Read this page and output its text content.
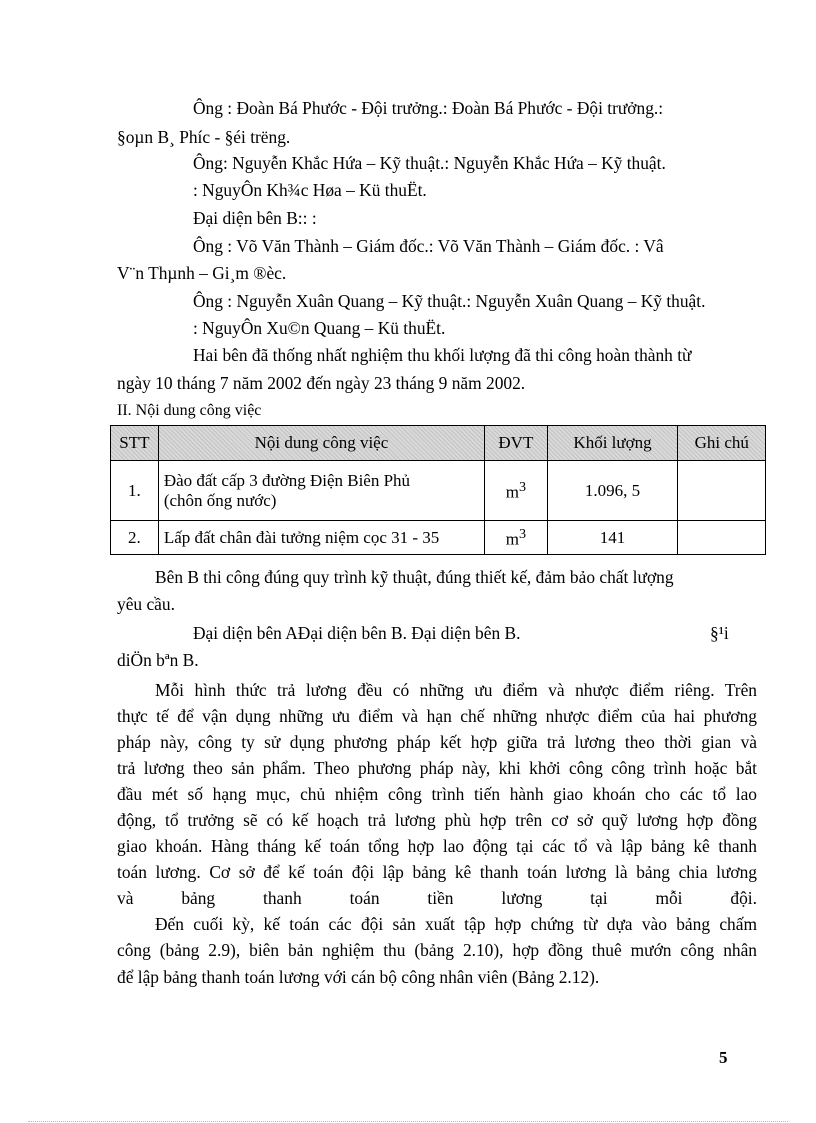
Ông : Đoàn Bá Phước - Đội trưởng.: Đoàn Bá Phước - Đội trưởng.:
§oµn B¸ Phíc - §éi trëng.
Ông: Nguyễn Khắc Hứa – Kỹ thuật.: Nguyễn Khắc Hứa – Kỹ thuật.
: NguyÔn Kh¾c Høa – Kü thuËt.
Đại diện bên B:: :
Ông : Võ Văn Thành – Giám đốc.: Võ Văn Thành – Giám đốc. : Vâ
V¨n Thµnh – Gi¸m ®èc.
Ông : Nguyễn Xuân Quang – Kỹ thuật.: Nguyễn Xuân Quang – Kỹ thuật.
: NguyÔn Xu©n Quang – Kü thuËt.
Hai bên đã thống nhất nghiệm thu khối lượng đã thi công hoàn thành từ
ngày 10 tháng 7 năm 2002 đến ngày 23 tháng 9 năm 2002.
II. Nội dung công việc
STT	Nội dung công việc	ĐVT	Khối lượng	Ghi chú
1.	Đào đất cấp 3 đường Điện Biên Phủ
(chôn ống nước)	$m^3$	1.096, 5	
2.	Lấp đất chân đài tưởng niệm cọc 31 - 35	$m^3$	141	
Bên B thi công đúng quy trình kỹ thuật, đúng thiết kế, đảm bảo chất lượng
yêu cầu.
Đại diện bên AĐại diện bên B. Đại diện bên B.	§¹i
diÖn bªn B.
Mỗi hình thức trả lương đều có những ưu điểm và nhược điểm riêng. Trên
thực tế để vận dụng những ưu điểm và hạn chế những nhược điểm của hai phương
pháp này, công ty sử dụng phương pháp kết hợp giữa trả lương theo thời gian và
trả lương theo sản phẩm. Theo phương pháp này, khi khởi công công trình hoặc bắt
đầu mét số hạng mục, chủ nhiệm công trình tiến hành giao khoán cho các tổ lao
động, tổ trưởng sẽ có kế hoạch trả lương phù hợp trên cơ sở quỹ lương hợp đồng
giao khoán. Hàng tháng kế toán tổng hợp lao động tại các tổ và lập bảng kê thanh
toán lương. Cơ sở để kế toán đội lập bảng kê thanh toán lương là bảng chia lương
và bảng thanh toán tiền lương tại mỗi đội.
Đến cuối kỳ, kế toán các đội sản xuất tập hợp chứng từ dựa vào bảng chấm
công (bảng 2.9), biên bản nghiệm thu (bảng 2.10), hợp đồng thuê mướn công nhân
để lập bảng thanh toán lương với cán bộ công nhân viên (Bảng 2.12).
5
